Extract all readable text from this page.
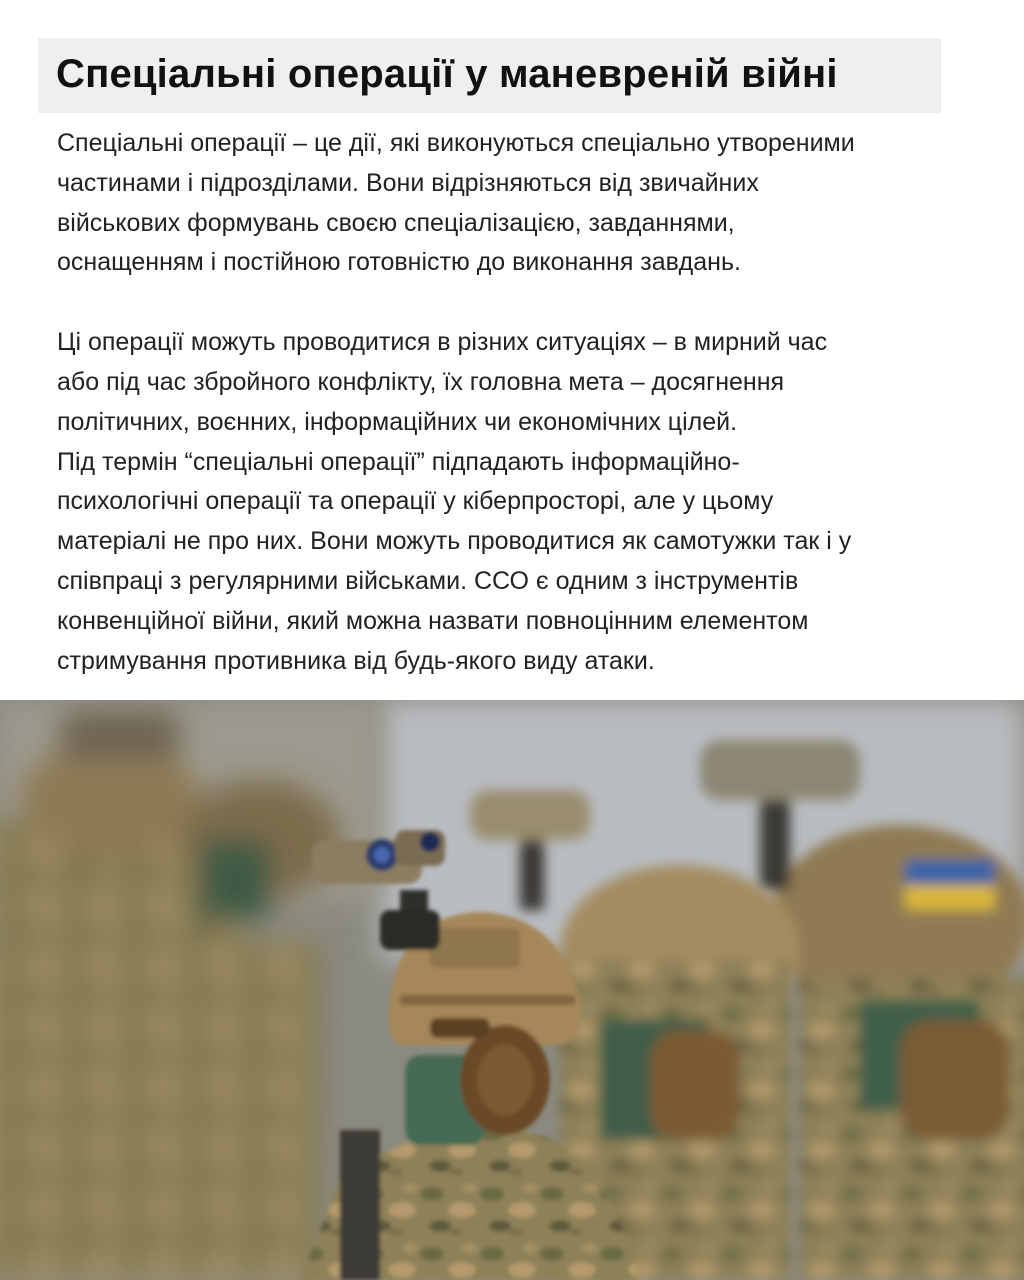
Спеціальні операції у маневреній війні

Спеціальні операції – це дії, які виконуються спеціально утвореними
частинами і підрозділами. Вони відрізняються від звичайних
військових формувань своєю спеціалізацією, завданнями,
оснащенням і постійною готовністю до виконання завдань.

Ці операції можуть проводитися в різних ситуаціях – в мирний час
або під час збройного конфлікту, їх головна мета – досягнення
політичних, воєнних, інформаційних чи економічних цілей.
Під термін “спеціальні операції” підпадають інформаційно-
психологічні операції та операції у кіберпросторі, але у цьому
матеріалі не про них. Вони можуть проводитися як самотужки так і у
співпраці з регулярними військами. ССО є одним з інструментів
конвенційної війни, який можна назвати повноцінним елементом
стримування противника від будь-якого виду атаки.
